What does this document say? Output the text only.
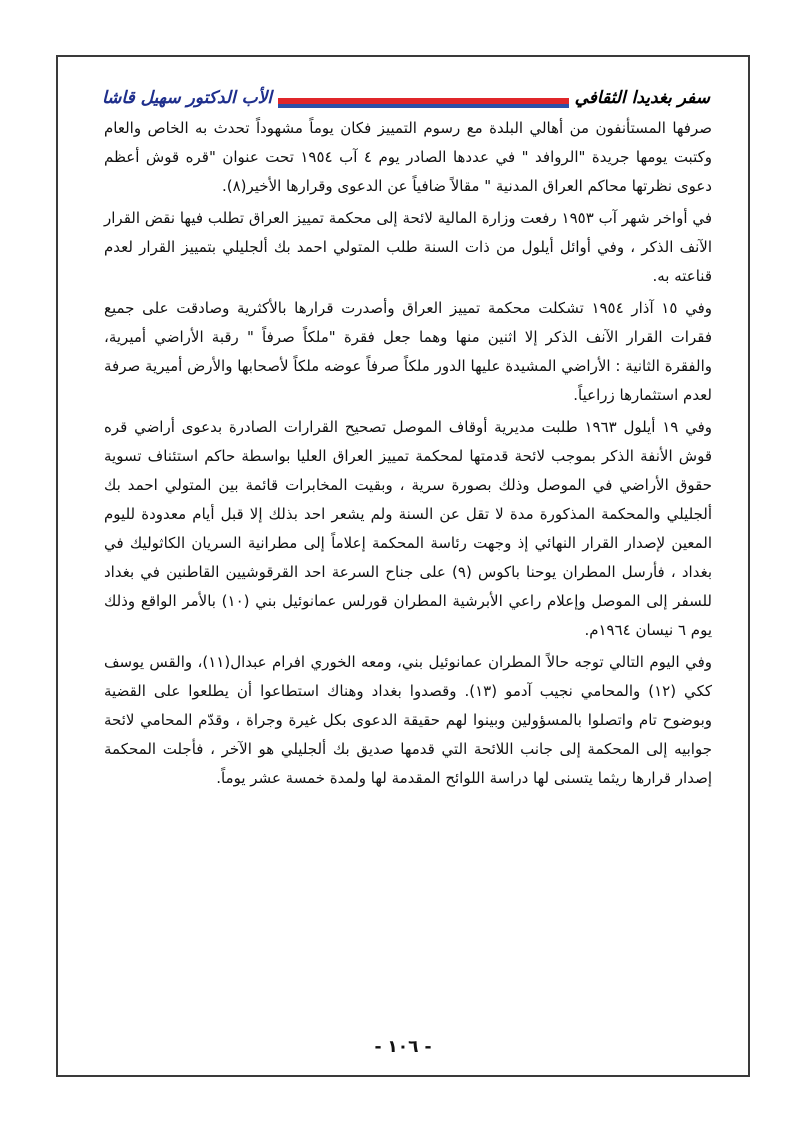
الأب الدكتور سهيل قاشا	سفر بغديدا الثقافي

صرفها المستأنفون من أهالي البلدة مع رسوم التمييز فكان يوماً مشهوداً تحدث به الخاص والعام وكتبت يومها جريدة "الروافد " في عددها الصادر يوم ٤ آب ١٩٥٤ تحت عنوان "قره قوش أعظم دعوى نظرتها محاكم العراق المدنية " مقالاً ضافياً عن الدعوى وقرارها الأخير(٨).

في أواخر شهر آب ١٩٥٣ رفعت وزارة المالية لائحة إلى محكمة تمييز العراق تطلب فيها نقض القرار الآنف الذكر ، وفي أوائل أيلول من ذات السنة طلب المتولي احمد بك ألجليلي بتمييز القرار لعدم قناعته به.

وفي ١٥ آذار ١٩٥٤ تشكلت محكمة تمييز العراق وأصدرت قرارها بالأكثرية وصادقت على جميع فقرات القرار الآنف الذكر إلا اثنين منها وهما جعل فقرة "ملكاً صرفاً " رقبة الأراضي أميرية، والفقرة الثانية : الأراضي المشيدة عليها الدور ملكاً صرفاً عوضه ملكاً لأصحابها والأرض أميرية صرفة لعدم استثمارها زراعياً.

وفي ١٩ أيلول ١٩٦٣ طلبت مديرية أوقاف الموصل تصحيح القرارات الصادرة بدعوى أراضي قره قوش الأنفة الذكر بموجب لائحة قدمتها لمحكمة تمييز العراق العليا بواسطة حاكم استئناف تسوية حقوق الأراضي في الموصل وذلك بصورة سرية ، وبقيت المخابرات قائمة بين المتولي احمد بك ألجليلي والمحكمة المذكورة مدة لا تقل عن السنة ولم يشعر احد بذلك إلا قبل أيام معدودة لليوم المعين لإصدار القرار النهائي إذ وجهت رئاسة المحكمة إعلاماً إلى مطرانية السريان الكاثوليك في بغداد ، فأرسل المطران يوحنا باكوس (٩) على جناح السرعة احد القرقوشيين القاطنين في بغداد للسفر إلى الموصل وإعلام راعي الأبرشية المطران قورلس عمانوئيل بني (١٠) بالأمر الواقع وذلك يوم ٦ نيسان ١٩٦٤م.

وفي اليوم التالي توجه حالاً المطران عمانوئيل بني، ومعه الخوري افرام عبدال(١١)، والقس يوسف ككي (١٢) والمحامي نجيب آدمو (١٣). وقصدوا بغداد وهناك استطاعوا أن يطلعوا على القضية وبوضوح تام واتصلوا بالمسؤولين وبينوا لهم حقيقة الدعوى بكل غيرة وجراة ، وقدّم المحامي لائحة جوابيه إلى المحكمة إلى جانب اللائحة التي قدمها صديق بك ألجليلي هو الآخر ، فأجلت المحكمة إصدار قرارها ريثما يتسنى لها دراسة اللوائح المقدمة لها ولمدة خمسة عشر يوماً.

- ١٠٦ -
